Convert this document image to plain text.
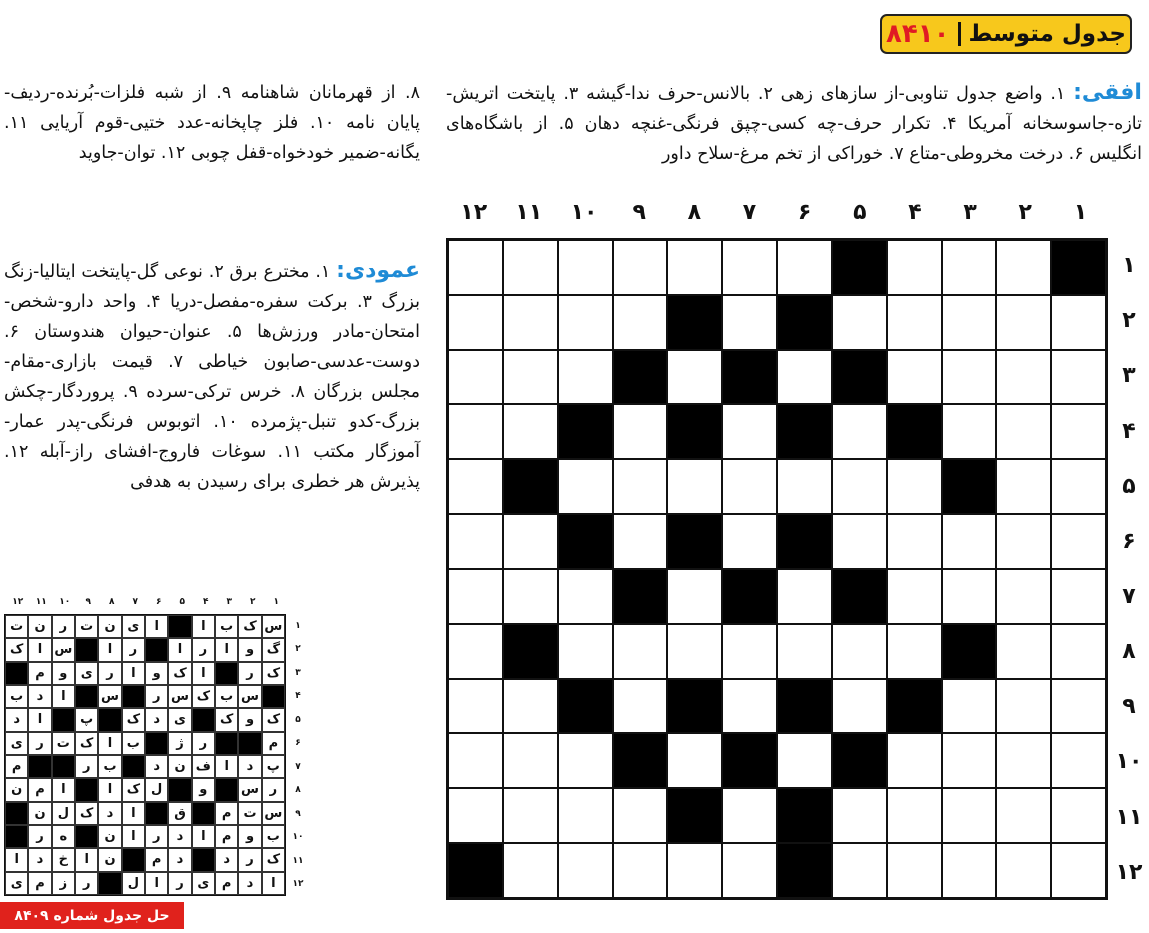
جدول متوسط
۸۴۱۰
افقی: ۱. واضع جدول تناوبی-از سازهای زهی ۲. بالانس-حرف ندا-گیشه ۳. پایتخت اتریش-تازه-جاسوسخانه آمریکا ۴. تکرار حرف-چه کسی-چپق فرنگی-غنچه دهان ۵. از باشگاه‌های انگلیس ۶. درخت مخروطی-متاع ۷. خوراکی از تخم مرغ-سلاح داور
۸. از قهرمانان شاهنامه ۹. از شبه فلزات-بُرنده-ردیف-پایان نامه ۱۰. فلز چاپخانه-عدد ختیی-قوم آریایی ۱۱. یگانه-ضمیر خودخواه-قفل چوبی ۱۲. توان-جاوید
عمودی: ۱. مخترع برق ۲. نوعی گل-پایتخت ایتالیا-زنگ بزرگ ۳. برکت سفره-مفصل-دریا ۴. واحد دارو-شخص-امتحان-مادر ورزش‌ها ۵. عنوان-حیوان هندوستان ۶. دوست-عدسی-صابون خیاطی ۷. قیمت بازاری-مقام-مجلس بزرگان ۸. خرس ترکی-سرده ۹. پروردگار-چکش بزرگ-کدو تنبل-پژمرده ۱۰. اتوبوس فرنگی-پدر عمار-آموزگار مکتب ۱۱. سوغات فاروج-افشای راز-آبله ۱۲. پذیرش هر خطری برای رسیدن به هدفی
۱
۲
۳
۴
۵
۶
۷
۸
۹
۱۰
۱۱
۱۲
۱
۲
۳
۴
۵
۶
۷
۸
۹
۱۰
۱۱
۱۲
۱
۲
۳
۴
۵
۶
۷
۸
۹
۱۰
۱۱
۱۲
۱
۲
۳
۴
۵
۶
۷
۸
۹
۱۰
۱۱
۱۲
س
ک
ب
ا
ا
ی
ن
ت
ر
ن
ت
گ
و
ا
ر
ا
ر
ا
س
ا
ک
ک
ر
ا
ک
و
ا
ر
ی
و
م
س
ب
ک
س
ر
س
ا
د
ب
ک
و
ک
ی
د
ک
پ
ا
د
م
ر
ژ
ب
ا
ک
ت
ر
ی
پ
د
ا
ف
ن
د
ب
ر
م
ر
س
و
ل
ک
ا
ا
م
ن
س
ت
م
ق
ا
د
ک
ل
ن
ب
و
م
ا
د
ر
ا
ن
ه
ر
ک
ر
د
د
م
ن
ا
خ
د
ا
ا
د
م
ی
ر
ا
ل
ر
ز
م
ی
حل جدول شماره ۸۴۰۹
